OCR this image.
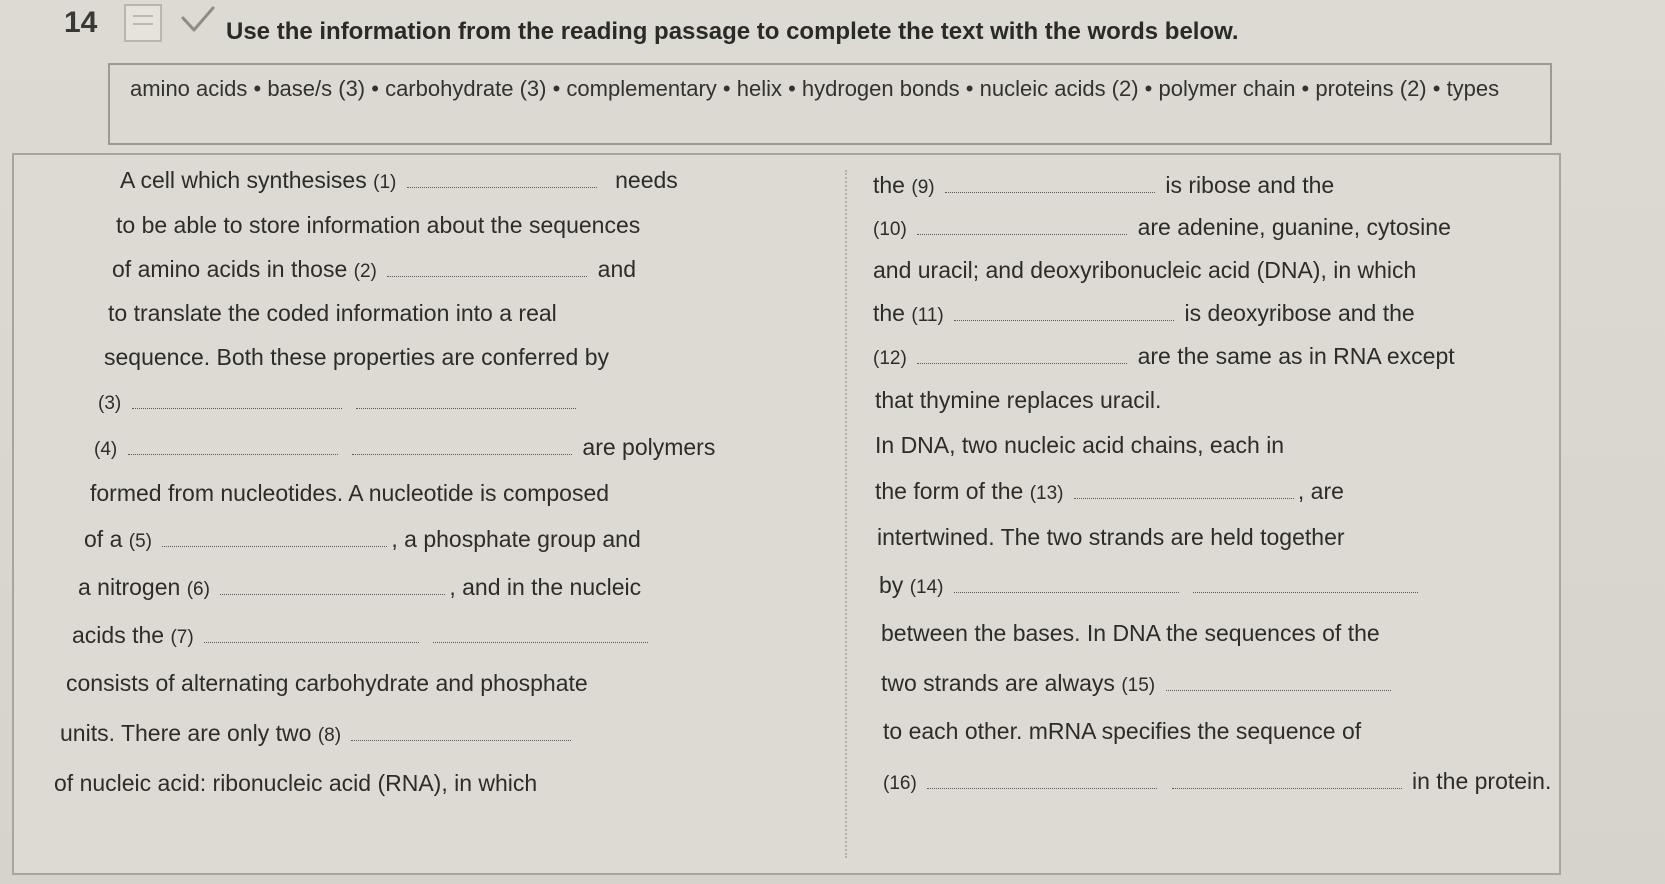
14	Use the information from the reading passage to complete the text with the words below.

amino acids • base/s (3) • carbohydrate (3) • complementary • helix • hydrogen bonds • nucleic acids (2) • polymer chain • proteins (2) • types

A cell which synthesises (1)	needs
to be able to store information about the sequences
of amino acids in those (2)	and
to translate the coded information into a real
sequence. Both these properties are conferred by
(3)
(4)	are polymers
formed from nucleotides. A nucleotide is composed
of a (5)	, a phosphate group and
a nitrogen (6)	, and in the nucleic
acids the (7)
consists of alternating carbohydrate and phosphate
units. There are only two (8)
of nucleic acid: ribonucleic acid (RNA), in which
the (9)	is ribose and the
(10)	are adenine, guanine, cytosine
and uracil; and deoxyribonucleic acid (DNA), in which
the (11)	is deoxyribose and the
(12)	are the same as in RNA except
that thymine replaces uracil.
In DNA, two nucleic acid chains, each in
the form of the (13)	, are
intertwined. The two strands are held together
by (14)
between the bases. In DNA the sequences of the
two strands are always (15)
to each other. mRNA specifies the sequence of
(16)	in the protein.
